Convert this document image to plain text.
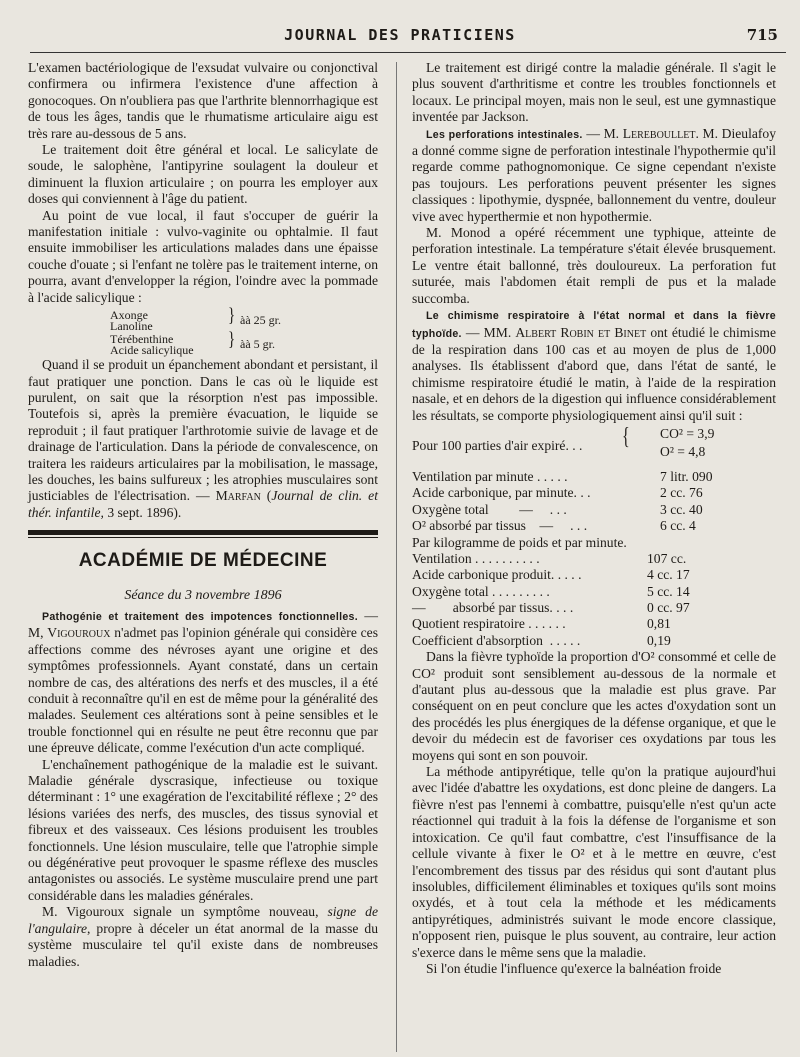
JOURNAL DES PRATICIENS	715

L'examen bactériologique de l'exsudat vulvaire ou conjonctival confirmera ou infirmera l'existence d'une affection à gonocoques. On n'oubliera pas que l'arthrite blennorrhagique est de tous les âges, tandis que le rhumatisme articulaire aigu est très rare au-dessous de 5 ans.

Le traitement doit être général et local. Le salicylate de soude, le salophène, l'antipyrine soulagent la douleur et diminuent la fluxion articulaire ; on pourra les employer aux doses qui conviennent à l'âge du patient.

Au point de vue local, il faut s'occuper de guérir la manifestation initiale : vulvo-vaginite ou ophtalmie. Il faut ensuite immobiliser les articulations malades dans une épaisse couche d'ouate ; si l'enfant ne tolère pas le traitement interne, on pourra, avant d'envelopper la région, l'oindre avec la pommade à l'acide salicylique :

Axonge
Lanoline	} àà 25 gr.
Térébenthine
Acide salicylique } àà 5 gr.

Quand il se produit un épanchement abondant et persistant, il faut pratiquer une ponction. Dans le cas où le liquide est purulent, on sait que la résorption n'est pas impossible. Toutefois si, après la première évacuation, le liquide se reproduit ; il faut pratiquer l'arthrotomie suivie de lavage et de drainage de l'articulation. Dans la période de convalescence, on traitera les raideurs articulaires par la mobilisation, le massage, les douches, les bains sulfureux ; les atrophies musculaires sont justiciables de l'électrisation. — Marfan (Journal de clin. et thér. infantile, 3 sept. 1896).

ACADÉMIE DE MÉDECINE
Séance du 3 novembre 1896

Pathogénie et traitement des impotences fonctionnelles. — M, Vigouroux n'admet pas l'opinion générale qui considère ces affections comme des névroses ayant une origine et des symptômes professionnels. Ayant constaté, dans un certain nombre de cas, des altérations des nerfs et des muscles, il a été conduit à reconnaître qu'il en est de même pour la généralité des malades. Seulement ces altérations sont à peine sensibles et le trouble fonctionnel qui en résulte ne peut être reconnu que par une épreuve délicate, comme l'exécution d'un acte compliqué.

L'enchaînement pathogénique de la maladie est le suivant. Maladie générale dyscrasique, infectieuse ou toxique déterminant : 1° une exagération de l'excitabilité réflexe ; 2° des lésions variées des nerfs, des muscles, des tissus synovial et fibreux et des vaisseaux. Ces lésions produisent les troubles fonctionnels. Une lésion musculaire, telle que l'atrophie simple ou dégénérative peut provoquer le spasme réflexe des muscles antagonistes ou associés. Le système musculaire prend une part considérable dans les maladies générales.

M. Vigouroux signale un symptôme nouveau, signe de l'angulaire, propre à déceler un état anormal de la masse du système musculaire tel qu'il existe dans de nombreuses maladies.

Le traitement est dirigé contre la maladie générale. Il s'agit le plus souvent d'arthritisme et contre les troubles fonctionnels et locaux. Le principal moyen, mais non le seul, est une gymnastique inventée par Jackson.

Les perforations intestinales. — M. Lereboullet. M. Dieulafoy a donné comme signe de perforation intestinale l'hypothermie qu'il regarde comme pathognomonique. Ce signe cependant n'existe pas toujours. Les perforations peuvent présenter les signes classiques : lipothymie, dyspnée, ballonnement du ventre, douleur vive avec hyperthermie et non hypothermie.

M. Monod a opéré récemment une typhique, atteinte de perforation intestinale. La température s'était élevée brusquement. Le ventre était ballonné, très douloureux. La perforation fut suturée, mais l'abdomen était rempli de pus et la malade succomba.

Le chimisme respiratoire à l'état normal et dans la fièvre typhoïde. — MM. Albert Robin et Binet ont étudié le chimisme de la respiration dans 100 cas et au moyen de plus de 1,000 analyses. Ils établissent d'abord que, dans l'état de santé, le chimisme respiratoire étudié le matin, à l'aide de la respiration nasale, et en dehors de la digestion qui influence considérablement les résultats, se comporte physiologiquement ainsi qu'il suit :

Pour 100 parties d'air expiré. . . { CO² = 3,9
O² = 4,8
Ventilation par minute . . . . .	7 litr. 090
Acide carbonique, par minute. . .	2 cc. 76
Oxygène total         —     . . .	3 cc. 40
O² absorbé par tissus    —     . . .	6 cc. 4
Par kilogramme de poids et par minute.
Ventilation . . . . . . . . . .	107 cc.
Acide carbonique produit. . . . .	4 cc. 17
Oxygène total . . . . . . . . .	5 cc. 14
—        absorbé par tissus. . . .	0 cc. 97
Quotient respiratoire . . . . . .	0,81
Coefficient d'absorption  . . . . .	0,19

Dans la fièvre typhoïde la proportion d'O² consommé et celle de CO² produit sont sensiblement au-dessous de la normale et d'autant plus au-dessous que la maladie est plus grave. Par conséquent on en peut conclure que les actes d'oxydation sont un des procédés les plus énergiques de la défense organique, et que le devoir du médecin est de favoriser ces oxydations par tous les moyens qui sont en son pouvoir.

La méthode antipyrétique, telle qu'on la pratique aujourd'hui avec l'idée d'abattre les oxydations, est donc pleine de dangers. La fièvre n'est pas l'ennemi à combattre, puisqu'elle n'est qu'un acte réactionnel qui traduit à la fois la défense de l'organisme et son intoxication. Ce qu'il faut combattre, c'est l'insuffisance de la cellule vivante à fixer le O² et à le mettre en œuvre, c'est l'encombrement des tissus par des résidus qui sont d'autant plus insolubles, difficilement éliminables et toxiques qu'ils sont moins oxydés, et à tout cela la méthode et les médicaments antipyrétiques, administrés suivant le mode encore classique, n'opposent rien, puisque le plus souvent, au contraire, leur action s'exerce dans le même sens que la maladie.

Si l'on étudie l'influence qu'exerce la balnéation froide
